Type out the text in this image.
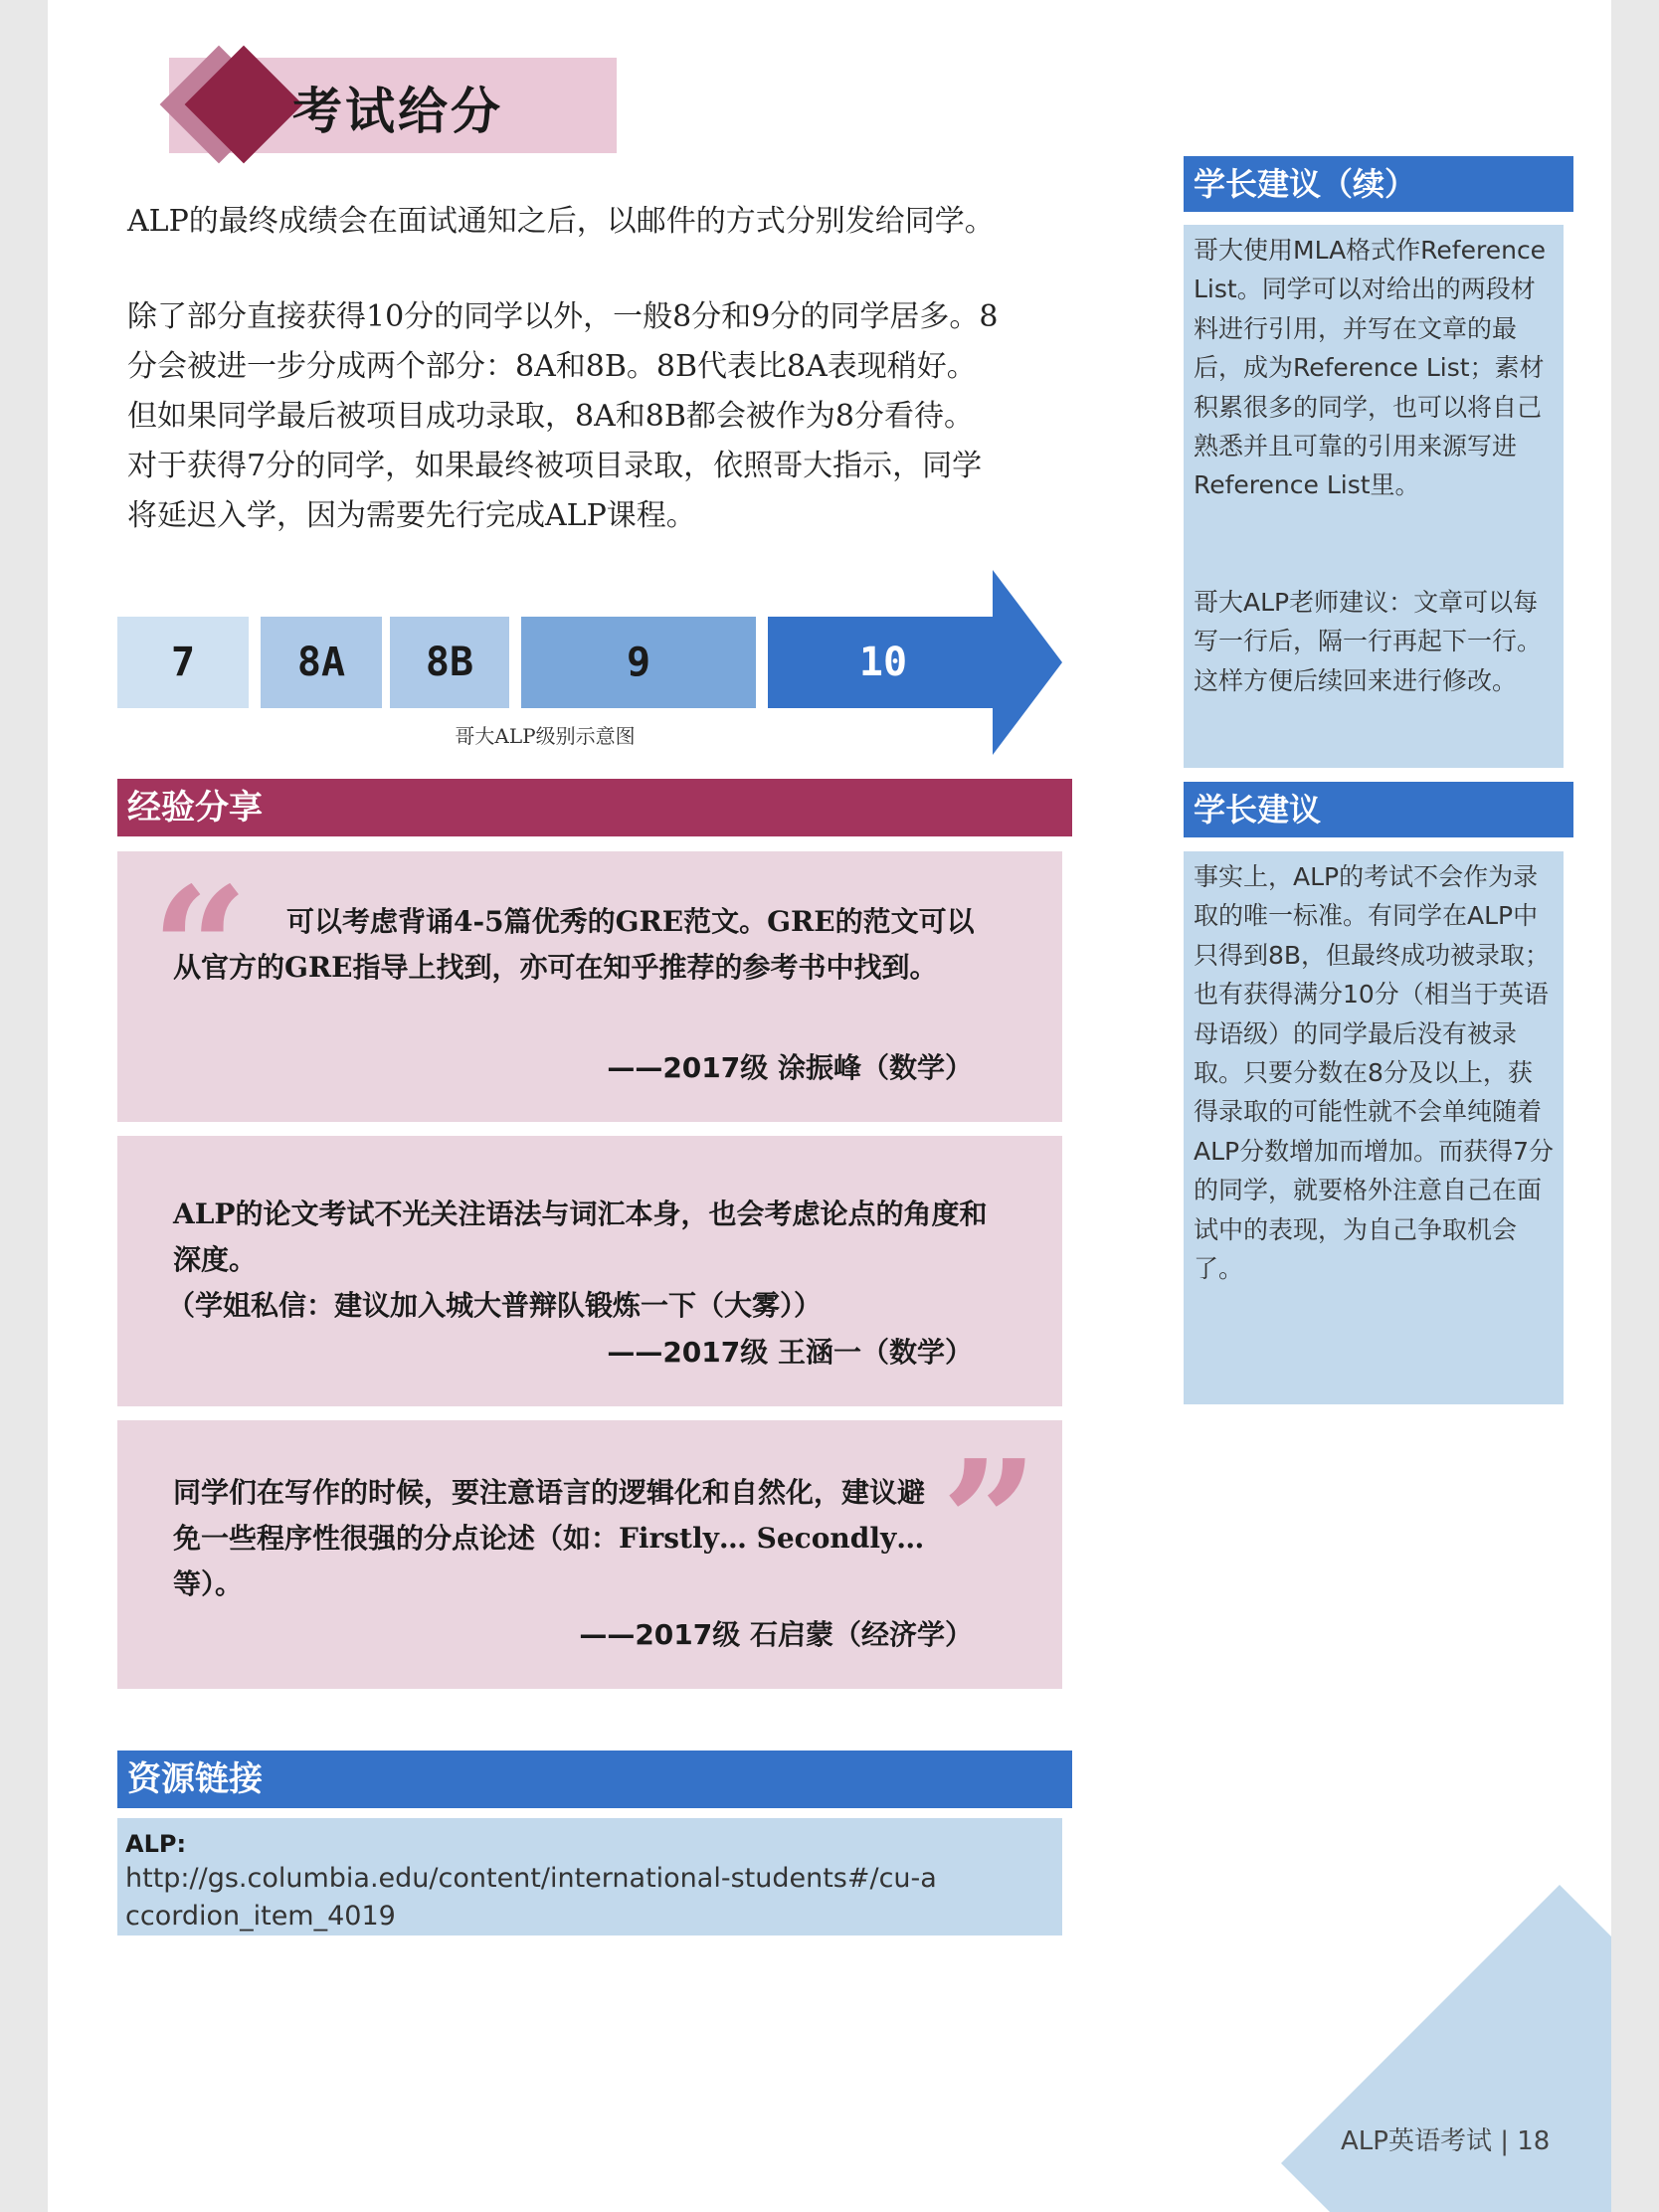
考试给分
ALP的最终成绩会在面试通知之后，以邮件的方式分别发给同学。
除了部分直接获得10分的同学以外，一般8分和9分的同学居多。8分会被进一步分成两个部分：8A和8B。8B代表比8A表现稍好。但如果同学最后被项目成功录取，8A和8B都会被作为8分看待。对于获得7分的同学，如果最终被项目录取，依照哥大指示，同学将延迟入学，因为需要先行完成ALP课程。
7	8A	8B	9	10
哥大ALP级别示意图
经验分享
“	可以考虑背诵4-5篇优秀的GRE范文。GRE的范文可以从官方的GRE指导上找到，亦可在知乎推荐的参考书中找到。
——2017级 涂振峰（数学）
ALP的论文考试不光关注语法与词汇本身，也会考虑论点的角度和深度。
（学姐私信：建议加入城大普辩队锻炼一下（大雾））
——2017级 王涵一（数学）
”
同学们在写作的时候，要注意语言的逻辑化和自然化，建议避免一些程序性很强的分点论述（如：Firstly… Secondly…等）。
——2017级 石启蒙（经济学）
资源链接
ALP:
http://gs.columbia.edu/content/international-students#/cu-accordion_item_4019
学长建议（续）
哥大使用MLA格式作Reference List。同学可以对给出的两段材料进行引用，并写在文章的最后，成为Reference List；素材积累很多的同学，也可以将自己熟悉并且可靠的引用来源写进Reference List里。
哥大ALP老师建议：文章可以每写一行后，隔一行再起下一行。这样方便后续回来进行修改。
学长建议
事实上，ALP的考试不会作为录取的唯一标准。有同学在ALP中只得到8B，但最终成功被录取；也有获得满分10分（相当于英语母语级）的同学最后没有被录取。只要分数在8分及以上，获得录取的可能性就不会单纯随着ALP分数增加而增加。而获得7分的同学，就要格外注意自己在面试中的表现，为自己争取机会了。
ALP英语考试 | 18
